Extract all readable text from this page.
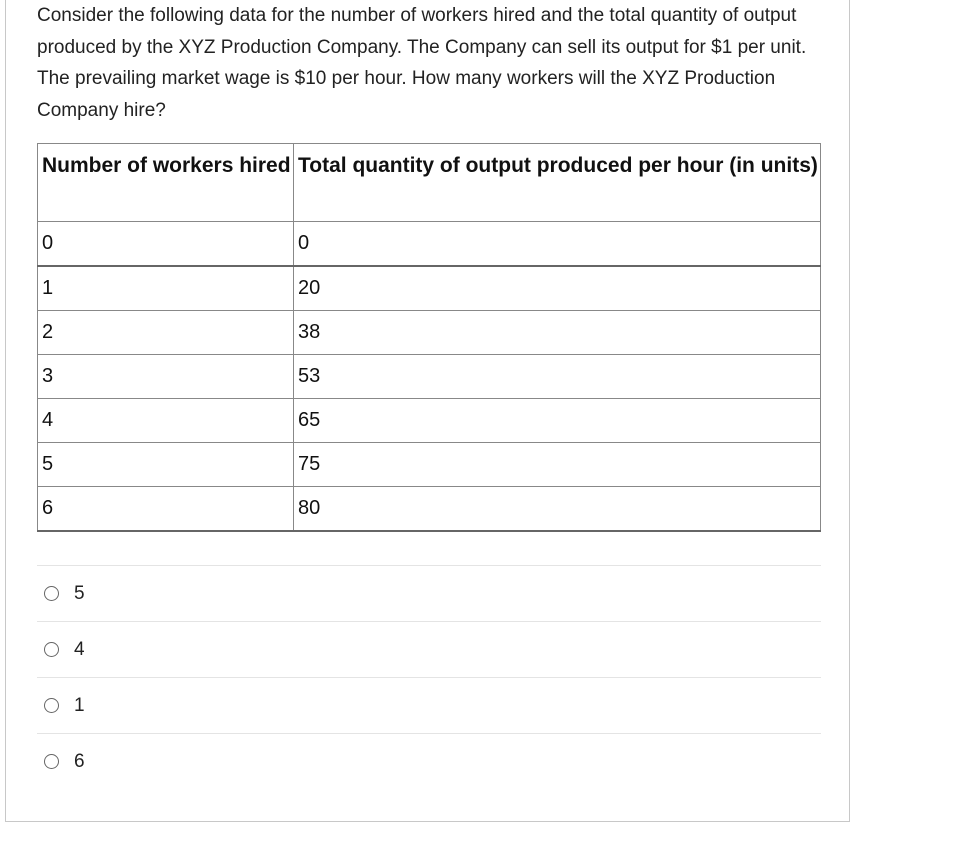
Consider the following data for the number of workers hired and the total quantity of output produced by the XYZ Production Company. The Company can sell its output for $1 per unit. The prevailing market wage is $10 per hour. How many workers will the XYZ Production Company hire?

Number of workers hired	Total quantity of output produced per hour (in units)
0	0
1	20
2	38
3	53
4	65
5	75
6	80
5
4
1
6
